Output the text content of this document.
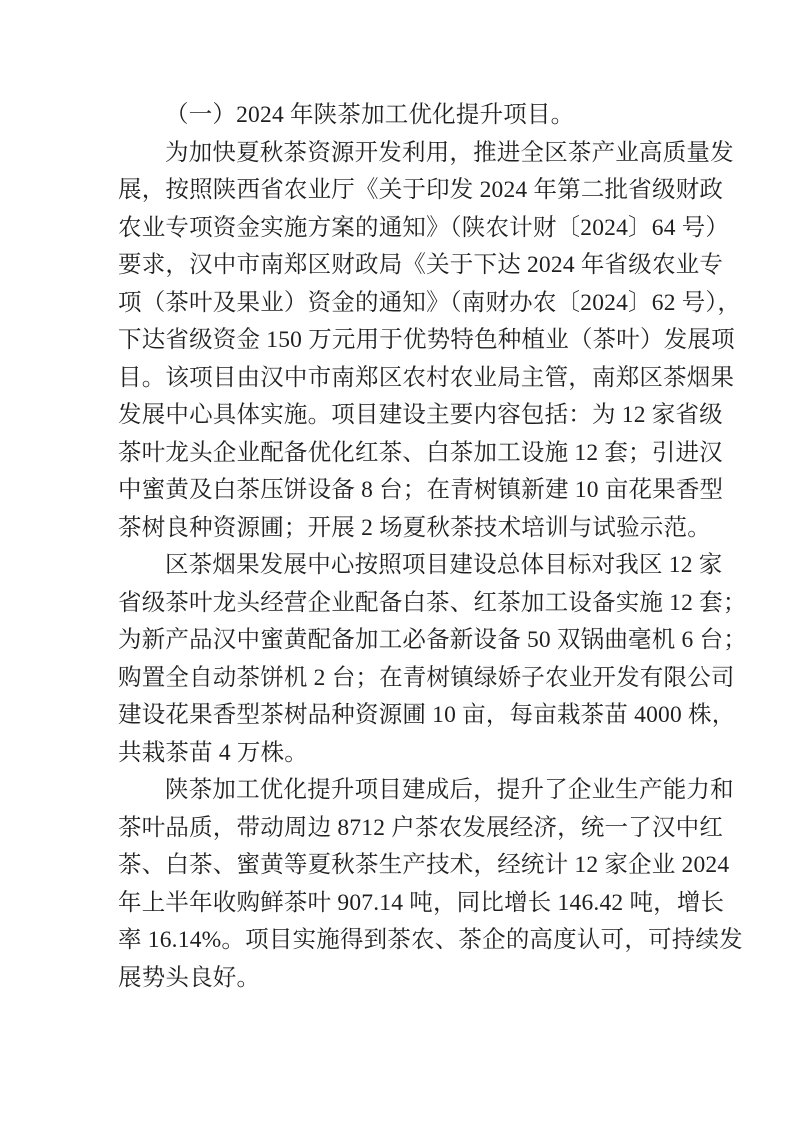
（一）2024 年陕茶加工优化提升项目。
为加快夏秋茶资源开发利用，推进全区茶产业高质量发
展，按照陕西省农业厅《关于印发 2024 年第二批省级财政
农业专项资金实施方案的通知》（陕农计财〔2024〕64 号）
要求，汉中市南郑区财政局《关于下达 2024 年省级农业专
项（茶叶及果业）资金的通知》（南财办农〔2024〕62 号），
下达省级资金 150 万元用于优势特色种植业（茶叶）发展项
目。该项目由汉中市南郑区农村农业局主管，南郑区茶烟果
发展中心具体实施。项目建设主要内容包括：为 12 家省级
茶叶龙头企业配备优化红茶、白茶加工设施 12 套；引进汉
中蜜黄及白茶压饼设备 8 台；在青树镇新建 10 亩花果香型
茶树良种资源圃；开展 2 场夏秋茶技术培训与试验示范。
区茶烟果发展中心按照项目建设总体目标对我区 12 家
省级茶叶龙头经营企业配备白茶、红茶加工设备实施 12 套；
为新产品汉中蜜黄配备加工必备新设备 50 双锅曲毫机 6 台；
购置全自动茶饼机 2 台；在青树镇绿娇子农业开发有限公司
建设花果香型茶树品种资源圃 10 亩，每亩栽茶苗 4000 株，
共栽茶苗 4 万株。
陕茶加工优化提升项目建成后，提升了企业生产能力和
茶叶品质，带动周边 8712 户茶农发展经济，统一了汉中红
茶、白茶、蜜黄等夏秋茶生产技术，经统计 12 家企业 2024
年上半年收购鲜茶叶 907.14 吨，同比增长 146.42 吨，增长
率 16.14%。项目实施得到茶农、茶企的高度认可，可持续发
展势头良好。
